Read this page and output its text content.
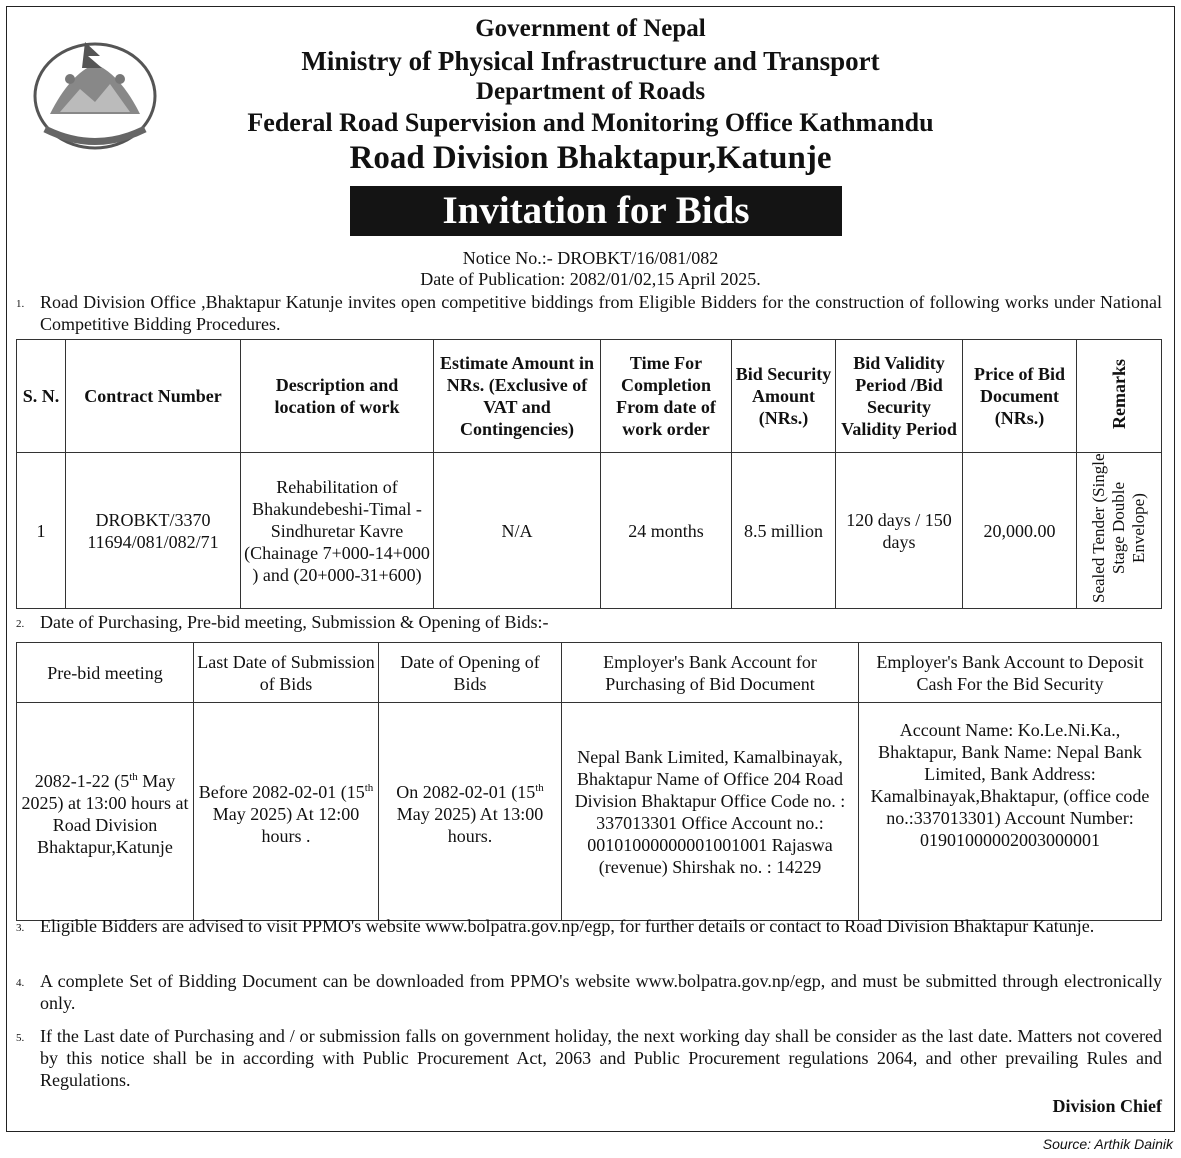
Government of Nepal
Ministry of Physical Infrastructure and Transport
Department of Roads
Federal Road Supervision and Monitoring Office Kathmandu
Road Division Bhaktapur,Katunje
Invitation for Bids
Notice No.:- DROBKT/16/081/082
Date of Publication: 2082/01/02,15 April 2025.
1. Road Division Office ,Bhaktapur Katunje invites open competitive biddings from Eligible Bidders for the construction of following works under National Competitive Bidding Procedures.
S. N.	Contract Number	Description and location of work	Estimate Amount in NRs. (Exclusive of VAT and Contingencies)	Time For Completion From date of work order	Bid Security Amount (NRs.)	Bid Validity Period /Bid Security Validity Period	Price of Bid Document (NRs.)	Remarks
1	DROBKT/3370 11694/081/082/71	Rehabilitation of Bhakundebeshi-Timal -Sindhuretar Kavre (Chainage 7+000-14+000 ) and (20+000-31+600)	N/A	24 months	8.5 million	120 days / 150 days	20,000.00	Sealed Tender (Single Stage Double Envelope)
2. Date of Purchasing, Pre-bid meeting, Submission & Opening of Bids:-
Pre-bid meeting	Last Date of Submission of Bids	Date of Opening of Bids	Employer's Bank Account for Purchasing of Bid Document	Employer's Bank Account to Deposit Cash For the Bid Security
2082-1-22 (5th May 2025) at 13:00 hours at Road Division Bhaktapur,Katunje	Before 2082-02-01 (15th May 2025) At 12:00 hours .	On 2082-02-01 (15th May 2025) At 13:00 hours.	Nepal Bank Limited, Kamalbinayak, Bhaktapur Name of Office 204 Road Division Bhaktapur Office Code no. : 337013301 Office Account no.: 00101000000001001001 Rajaswa (revenue) Shirshak no. : 14229	Account Name: Ko.Le.Ni.Ka., Bhaktapur, Bank Name: Nepal Bank Limited, Bank Address: Kamalbinayak,Bhaktapur, (office code no.:337013301) Account Number: 01901000002003000001
3. Eligible Bidders are advised to visit PPMO's website www.bolpatra.gov.np/egp, for further details or contact to Road Division Bhaktapur Katunje.
4. A complete Set of Bidding Document can be downloaded from PPMO's website www.bolpatra.gov.np/egp, and must be submitted through electronically only.
5. If the Last date of Purchasing and / or submission falls on government holiday, the next working day shall be consider as the last date. Matters not covered by this notice shall be in according with Public Procurement Act, 2063 and Public Procurement regulations 2064, and other prevailing Rules and Regulations.
Division Chief
Source: Arthik Dainik
